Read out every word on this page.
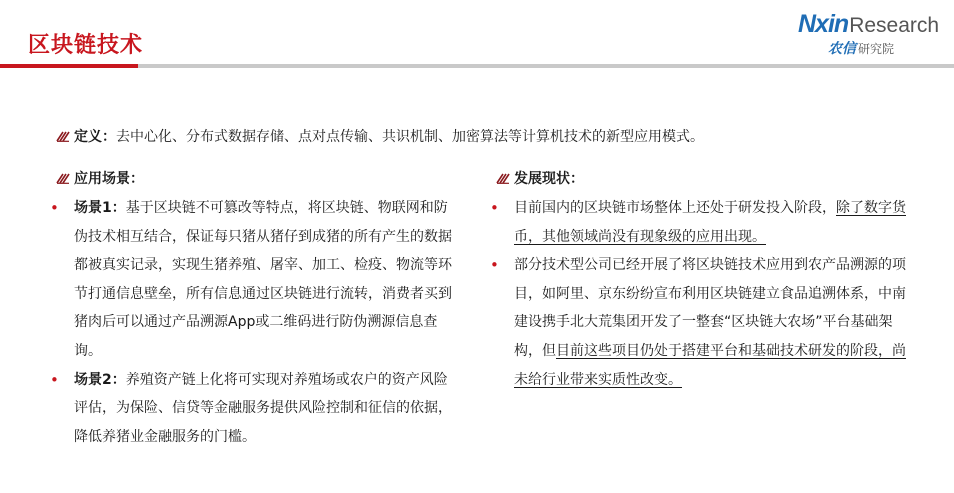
区块链技术
NxinResearch
农信 研究院
定义： 去中心化、分布式数据存储、点对点传输、共识机制、加密算法等计算机技术的新型应用模式。
应用场景：
• 场景1：基于区块链不可篡改等特点，将区块链、物联网和防伪技术相互结合，保证每只猪从猪仔到成猪的所有产生的数据都被真实记录，实现生猪养殖、屠宰、加工、检疫、物流等环节打通信息壁垒，所有信息通过区块链进行流转，消费者买到猪肉后可以通过产品溯源App或二维码进行防伪溯源信息查询。
• 场景2：养殖资产链上化将可实现对养殖场或农户的资产风险评估，为保险、信贷等金融服务提供风险控制和征信的依据，降低养猪业金融服务的门槛。
发展现状：
• 目前国内的区块链市场整体上还处于研发投入阶段，除了数字货币，其他领域尚没有现象级的应用出现。
• 部分技术型公司已经开展了将区块链技术应用到农产品溯源的项目，如阿里、京东纷纷宣布利用区块链建立食品追溯体系，中南建设携手北大荒集团开发了一整套“区块链大农场”平台基础架构，但目前这些项目仍处于搭建平台和基础技术研发的阶段，尚未给行业带来实质性改变。
